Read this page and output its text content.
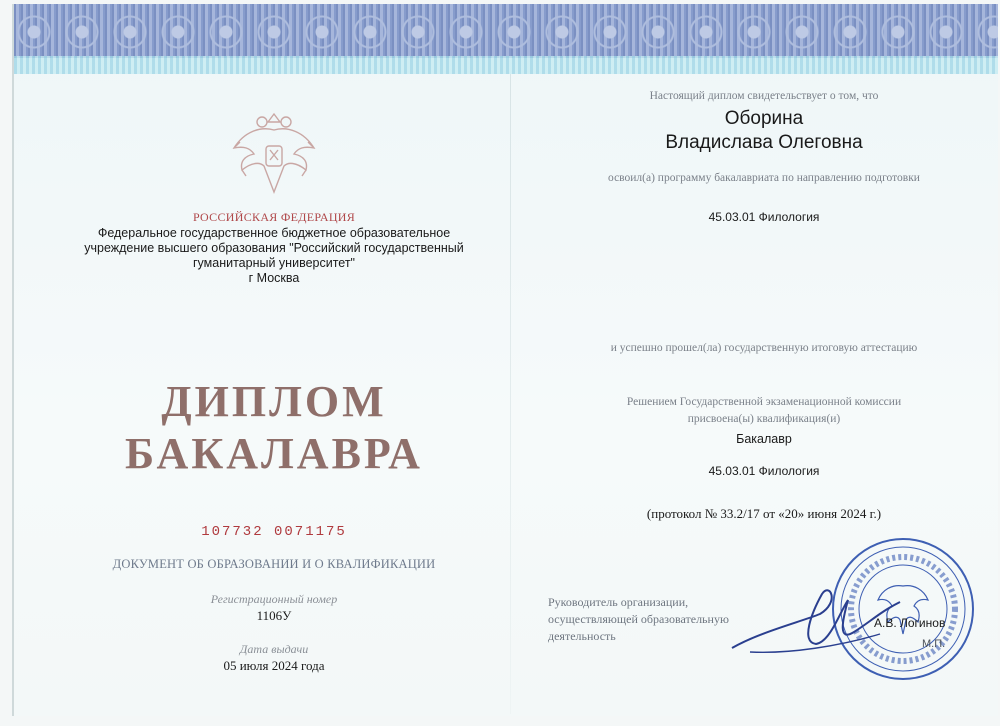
РОССИЙСКАЯ ФЕДЕРАЦИЯ
Федеральное государственное бюджетное образовательное
учреждение высшего образования "Российский государственный
гуманитарный университет"
г Москва
ДИПЛОМ
БАКАЛАВРА
107732 0071175
ДОКУМЕНТ ОБ ОБРАЗОВАНИИ И О КВАЛИФИКАЦИИ
Регистрационный номер
1106У
Дата выдачи
05 июля 2024 года
Настоящий диплом свидетельствует о том, что
Оборина
Владислава Олеговна
освоил(а) программу бакалавриата по направлению подготовки
45.03.01 Филология
и успешно прошел(ла) государственную итоговую аттестацию
Решением Государственной экзаменационной комиссии
присвоена(ы) квалификация(и)
Бакалавр
45.03.01 Филология
(протокол № 33.2/17 от «20» июня 2024 г.)
Руководитель организации,
осуществляющей образовательную
деятельность
А.В. Логинов
М.П.
